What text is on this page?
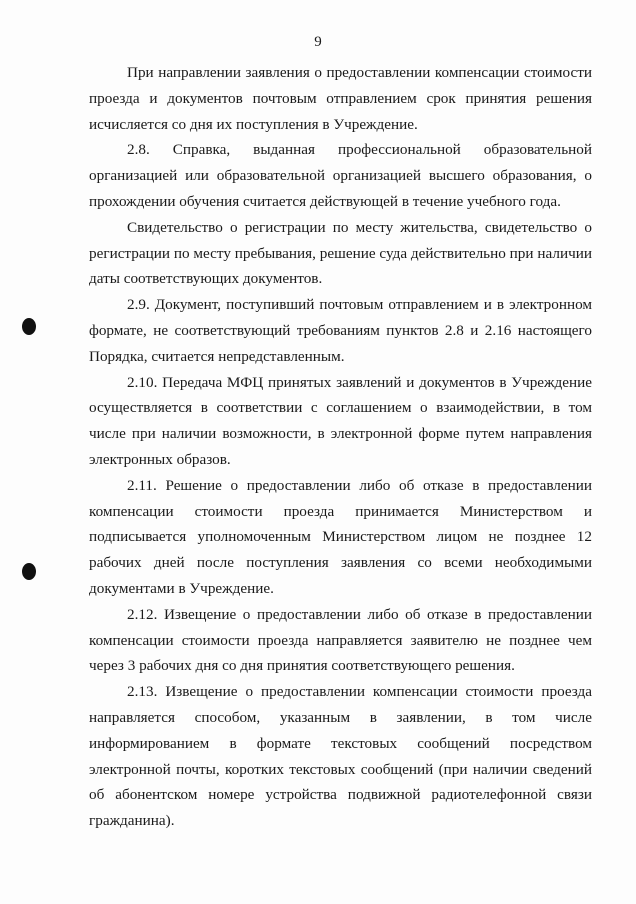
9

При направлении заявления о предоставлении компенсации стоимости проезда и документов почтовым отправлением срок принятия решения исчисляется со дня их поступления в Учреждение.

2.8. Справка, выданная профессиональной образовательной организацией или образовательной организацией высшего образования, о прохождении обучения считается действующей в течение учебного года.

Свидетельство о регистрации по месту жительства, свидетельство о регистрации по месту пребывания, решение суда действительно при наличии даты соответствующих документов.

2.9. Документ, поступивший почтовым отправлением и в электронном формате, не соответствующий требованиям пунктов 2.8 и 2.16 настоящего Порядка, считается непредставленным.

2.10. Передача МФЦ принятых заявлений и документов в Учреждение осуществляется в соответствии с соглашением о взаимодействии, в том числе при наличии возможности, в электронной форме путем направления электронных образов.

2.11. Решение о предоставлении либо об отказе в предоставлении компенсации стоимости проезда принимается Министерством и подписывается уполномоченным Министерством лицом не позднее 12 рабочих дней после поступления заявления со всеми необходимыми документами в Учреждение.

2.12. Извещение о предоставлении либо об отказе в предоставлении компенсации стоимости проезда направляется заявителю не позднее чем через 3 рабочих дня со дня принятия соответствующего решения.

2.13. Извещение о предоставлении компенсации стоимости проезда направляется способом, указанным в заявлении, в том числе информированием в формате текстовых сообщений посредством электронной почты, коротких текстовых сообщений (при наличии сведений об абонентском номере устройства подвижной радиотелефонной связи гражданина).
